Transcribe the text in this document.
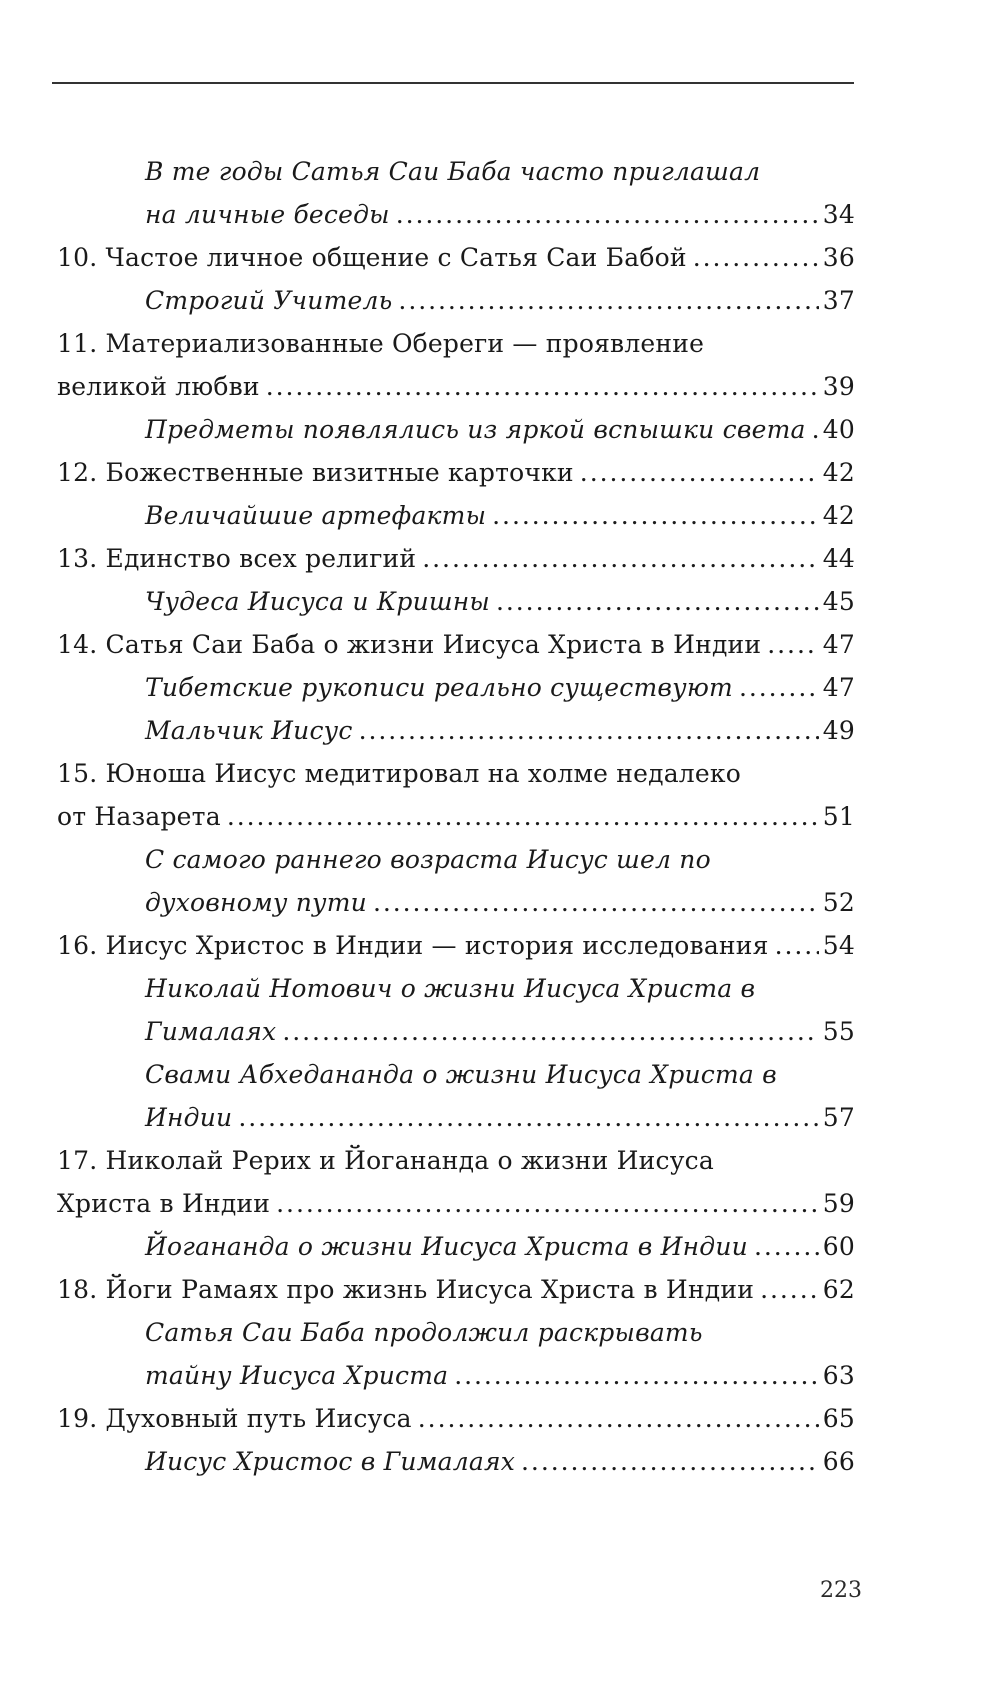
В те годы Сатья Саи Баба часто приглашал
на личные беседы . . .	34
10. Частое личное общение с Сатья Саи Бабой . . .	36
Строгий Учитель . . .	37
11. Материализованные Обереги — проявление
великой любви . . .	39
Предметы появлялись из яркой вспышки света . . . 40
12. Божественные визитные карточки . . .	42
Величайшие артефакты . . .	42
13. Единство всех религий . . .	44
Чудеса Иисуса и Кришны . . .	45
14. Сатья Саи Баба о жизни Иисуса Христа в Индии . . . 47
Тибетские рукописи реально существуют . . .	47
Мальчик Иисус . . .	49
15. Юноша Иисус медитировал на холме недалеко
от Назарета . . .	51
С самого раннего возраста Иисус шел по
духовному пути . . .	52
16. Иисус Христос в Индии — история исследования . . . 54
Николай Нотович о жизни Иисуса Христа в
Гималаях . . .	55
Свами Абхедананда о жизни Иисуса Христа в
Индии . . .	57
17. Николай Рерих и Йогананда о жизни Иисуса
Христа в Индии . . .	59
Йогананда о жизни Иисуса Христа в Индии . . .	60
18. Йоги Рамаях про жизнь Иисуса Христа в Индии . . .	62
Сатья Саи Баба продолжил раскрывать
тайну Иисуса Христа . . .	63
19. Духовный путь Иисуса . . .	65
Иисус Христос в Гималаях . . .	66
223
